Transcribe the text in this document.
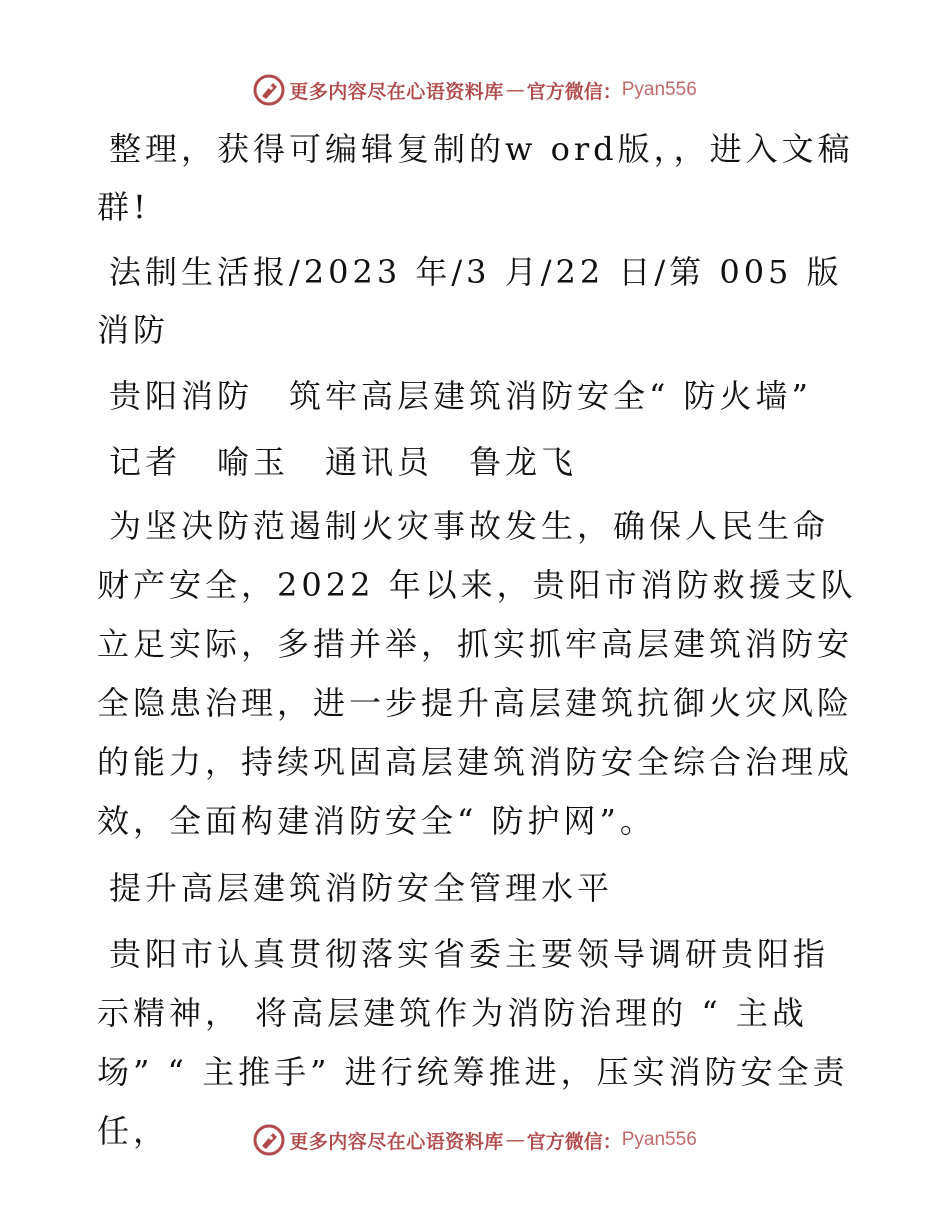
更多内容尽在心语资料库 — 官方微信： Pyan556

整理，获得可编辑复制的w ord版，，进入文稿群!

法制生活报/2023 年/3 月/22 日/第 005 版消防

贵阳消防　筑牢高层建筑消防安全“ 防火墙”

记者　喻玉　通讯员　鲁龙飞

为坚决防范遏制火灾事故发生，确保人民生命财产安全，2022 年以来，贵阳市消防救援支队立足实际，多措并举，抓实抓牢高层建筑消防安全隐患治理，进一步提升高层建筑抗御火灾风险的能力，持续巩固高层建筑消防安全综合治理成效，全面构建消防安全“ 防护网”。

提升高层建筑消防安全管理水平

贵阳市认真贯彻落实省委主要领导调研贵阳指示精神， 将高层建筑作为消防治理的 “ 主战场” “ 主推手” 进行统筹推进，压实消防安全责任，	更多内容尽在心语资料库 — 官方微信： Pyan556
